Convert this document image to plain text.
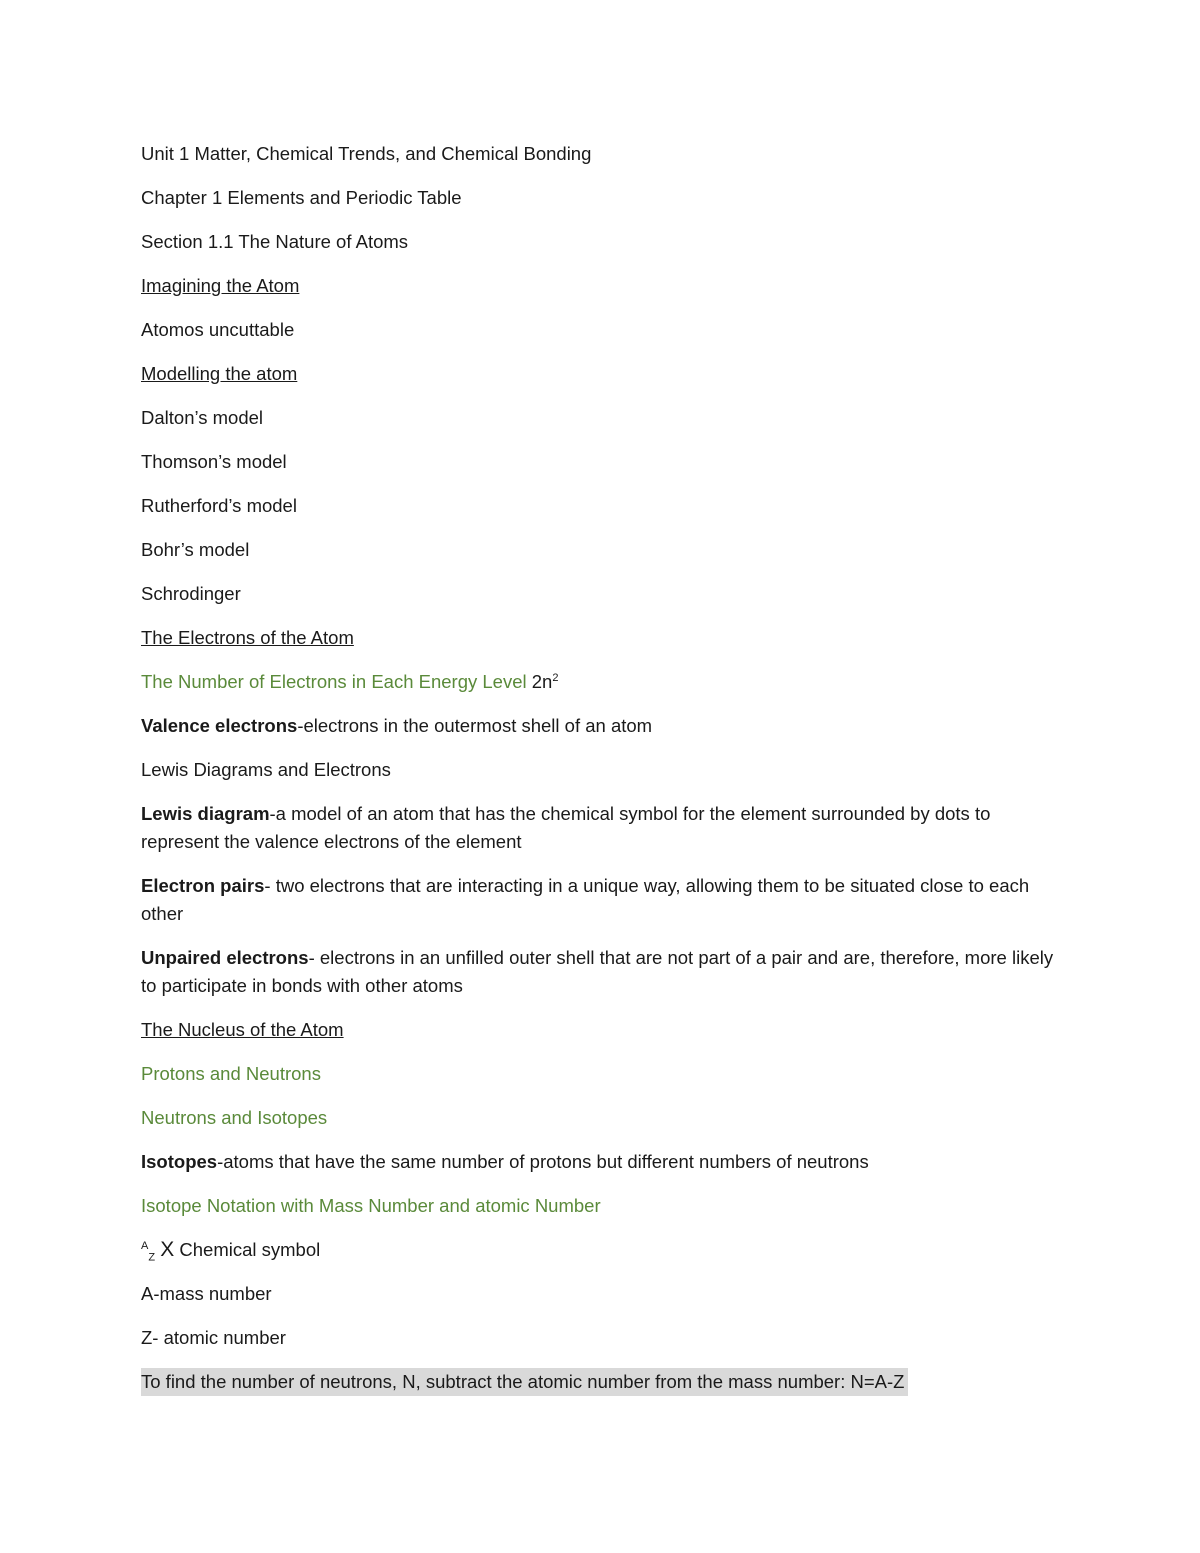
Unit 1 Matter, Chemical Trends, and Chemical Bonding

Chapter 1 Elements and Periodic Table

Section 1.1 The Nature of Atoms

Imagining the Atom

Atomos uncuttable

Modelling the atom

Dalton’s model

Thomson’s model

Rutherford’s model

Bohr’s model

Schrodinger

The Electrons of the Atom

The Number of Electrons in Each Energy Level $2n^2$

Valence electrons-electrons in the outermost shell of an atom

Lewis Diagrams and Electrons

Lewis diagram-a model of an atom that has the chemical symbol for the element surrounded by dots to represent the valence electrons of the element

Electron pairs- two electrons that are interacting in a unique way, allowing them to be situated close to each other

Unpaired electrons- electrons in an unfilled outer shell that are not part of a pair and are, therefore, more likely to participate in bonds with other atoms

The Nucleus of the Atom

Protons and Neutrons

Neutrons and Isotopes

Isotopes-atoms that have the same number of protons but different numbers of neutrons

Isotope Notation with Mass Number and atomic Number

$^A_Z$ X Chemical symbol

A-mass number

Z- atomic number

To find the number of neutrons, N, subtract the atomic number from the mass number: N=A-Z
